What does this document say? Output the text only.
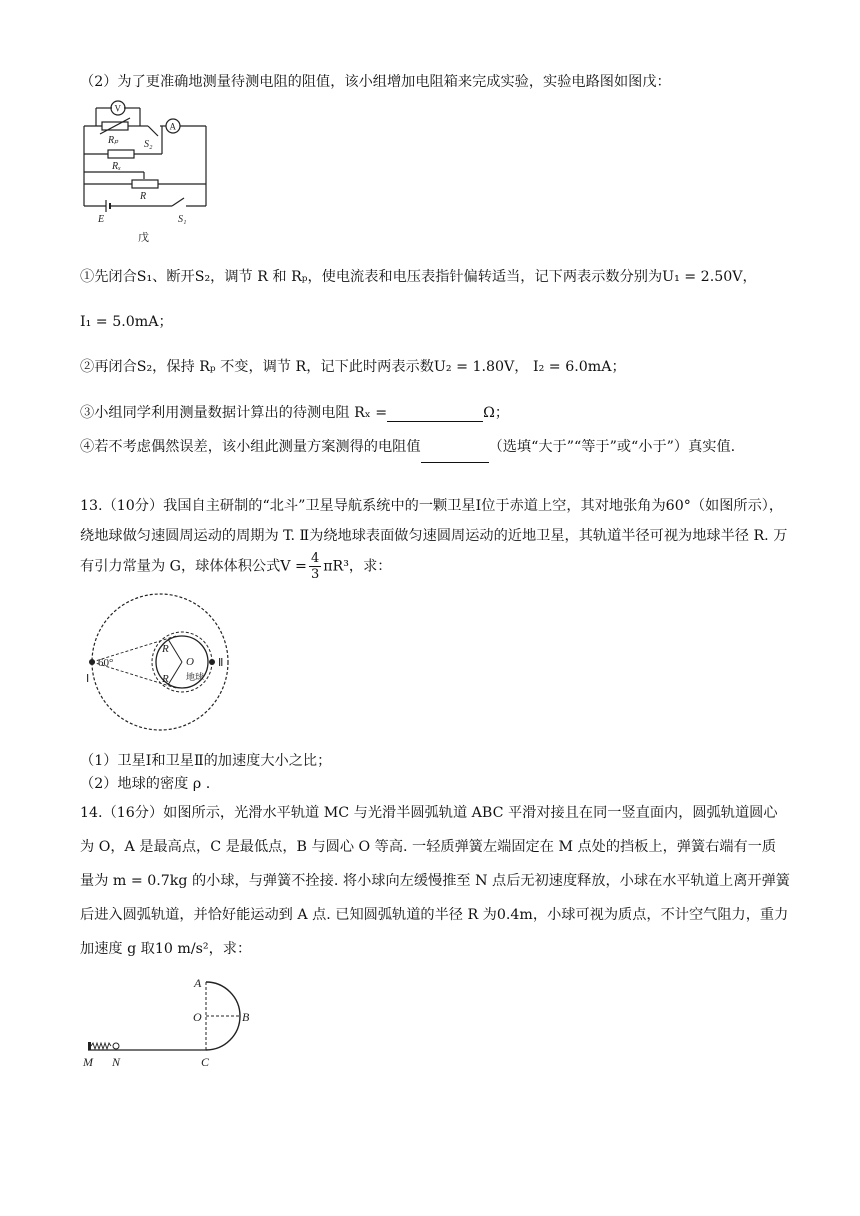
（2）为了更准确地测量待测电阻的阻值，该小组增加电阻箱来完成实验，实验电路图如图戊：
V
A
Rₚ	S₂
Rₓ
R
E	S₁
戊
①先闭合S₁、断开S₂，调节 R 和 Rₚ，使电流表和电压表指针偏转适当，记下两表示数分别为U₁ = 2.50V，
I₁ = 5.0mA；
②再闭合S₂，保持 Rₚ 不变，调节 R，记下此时两表示数U₂ = 1.80V， I₂ = 6.0mA；
③小组同学利用测量数据计算出的待测电阻 Rₓ =	Ω；
④若不考虑偶然误差，该小组此测量方案测得的电阻值	（选填“大于”“等于”或“小于”）真实值.
13.（10分）我国自主研制的“北斗”卫星导航系统中的一颗卫星Ⅰ位于赤道上空，其对地张角为60°（如图所示），绕地球做匀速圆周运动的周期为 T. Ⅱ为绕地球表面做匀速圆周运动的近地卫星，其轨道半径可视为地球半径 R. 万有引力常量为 G，球体体积公式$V = \frac{4}{3} \pi R^3$，求：
60°
R
R
O
地球
Ⅰ
Ⅱ
（1）卫星Ⅰ和卫星Ⅱ的加速度大小之比；
（2）地球的密度 ρ .
14.（16分）如图所示，光滑水平轨道 MC 与光滑半圆弧轨道 ABC 平滑对接且在同一竖直面内，圆弧轨道圆心为 O，A 是最高点，C 是最低点，B 与圆心 O 等高. 一轻质弹簧左端固定在 M 点处的挡板上，弹簧右端有一质量为 m = 0.7kg 的小球，与弹簧不拴接. 将小球向左缓慢推至 N 点后无初速度释放，小球在水平轨道上离开弹簧后进入圆弧轨道，并恰好能运动到 A 点. 已知圆弧轨道的半径 R 为0.4m，小球可视为质点，不计空气阻力，重力加速度 g 取10 m/s²，求：
A
O	B
M N	C
